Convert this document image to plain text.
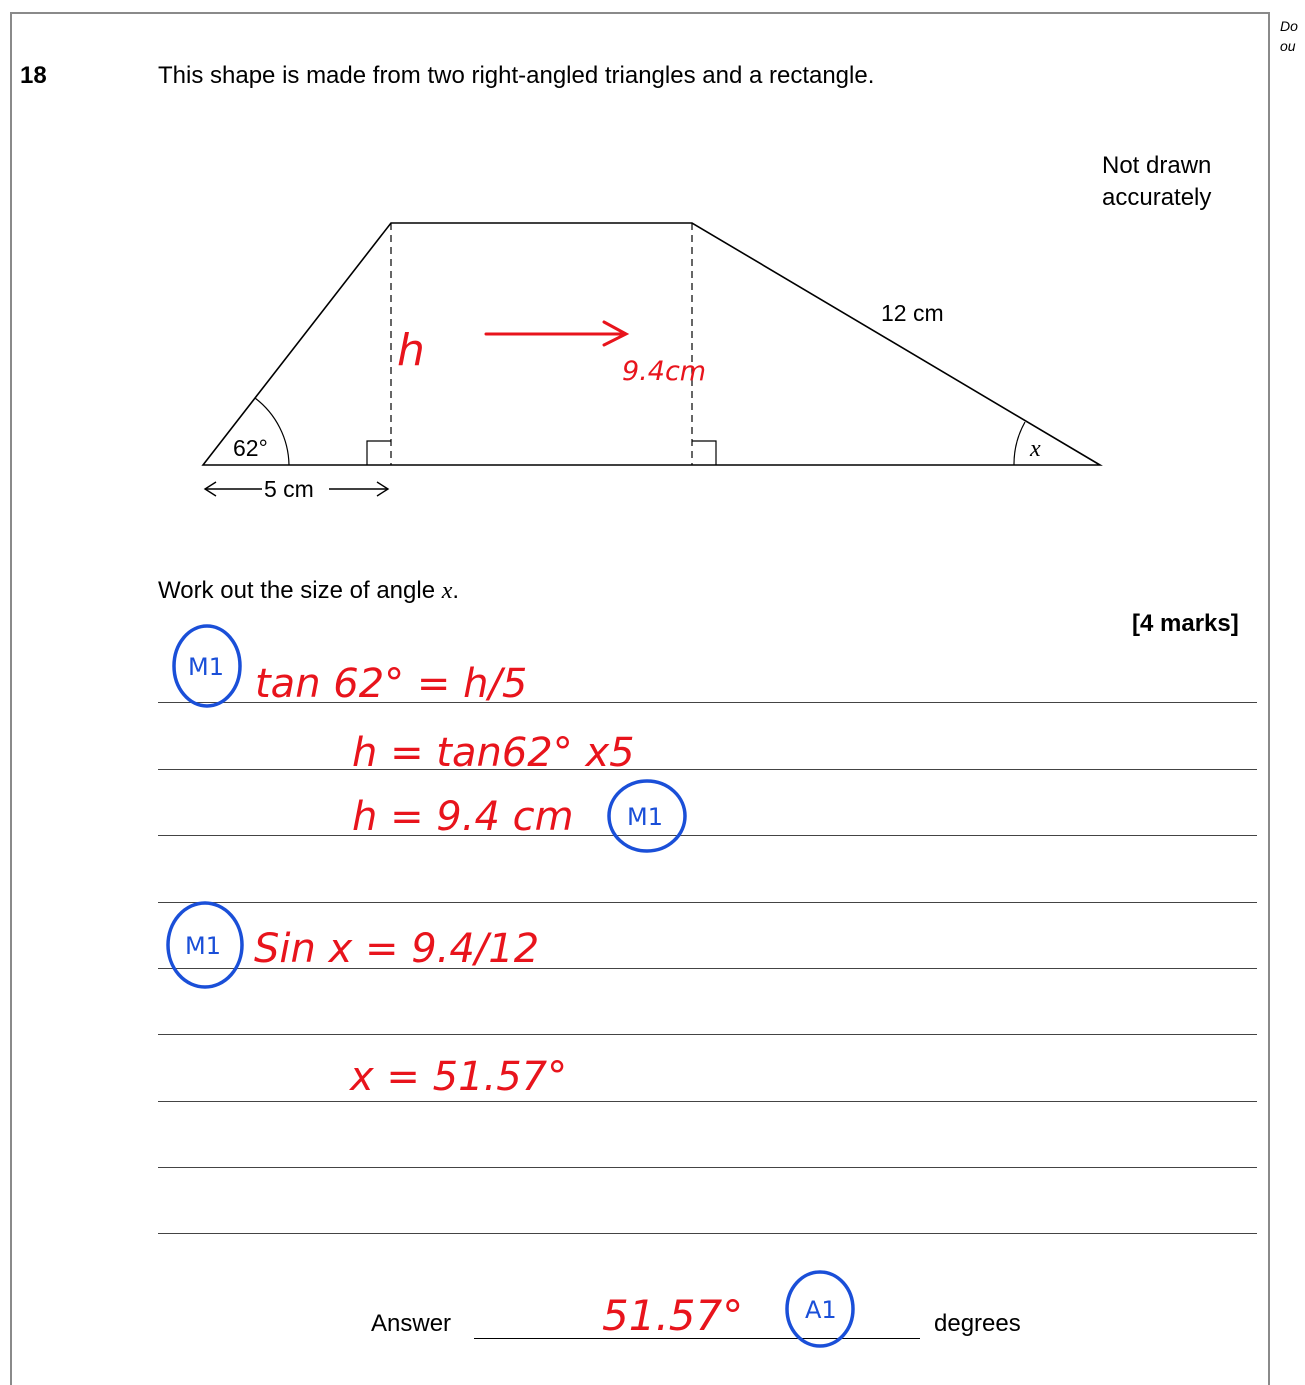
Do
ou
18	This shape is made from two right-angled triangles and a rectangle.
Not drawn
accurately
62°
5 cm
12 cm
x
Work out the size of angle x.
[4 marks]
Answer	degrees
h	9.4cm
tan 62° = h/5
h = tan62° x5
h = 9.4 cm
Sin x = 9.4/12
x = 51.57°
51.57°
M1
M1
M1
A1
